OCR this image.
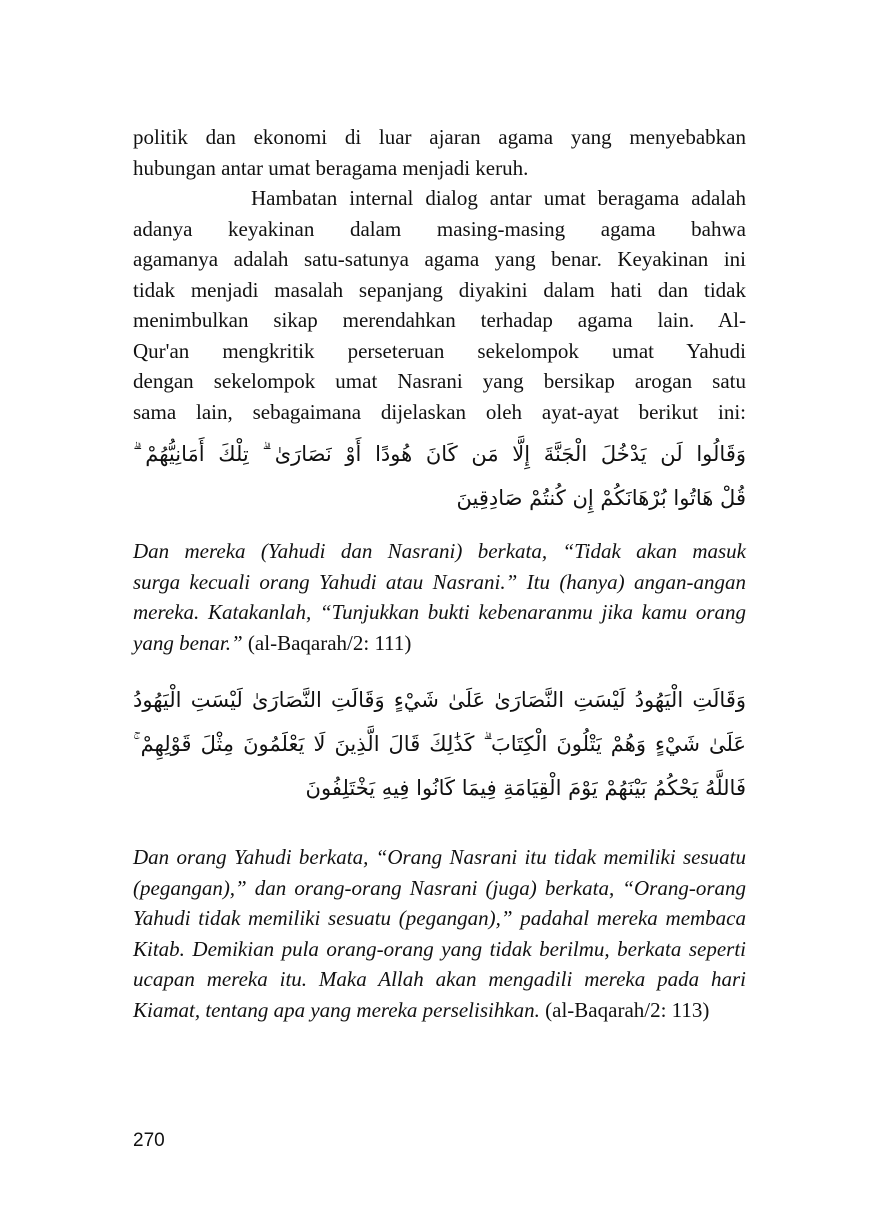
politik dan ekonomi di luar ajaran agama yang menyebabkan
hubungan antar umat beragama menjadi keruh.
Hambatan internal dialog antar umat beragama adalah
adanya keyakinan dalam masing-masing agama bahwa
agamanya adalah satu-satunya agama yang benar. Keyakinan ini
tidak menjadi masalah sepanjang diyakini dalam hati dan tidak
menimbulkan sikap merendahkan terhadap agama lain. Al-
Qur'an mengkritik perseteruan sekelompok umat Yahudi
dengan sekelompok umat Nasrani yang bersikap arogan satu
sama lain, sebagaimana dijelaskan oleh ayat-ayat berikut ini:
وَقَالُوا لَن يَدْخُلَ الْجَنَّةَ إِلَّا مَن كَانَ هُودًا أَوْ نَصَارَىٰ ۗ تِلْكَ أَمَانِيُّهُمْ ۗ
قُلْ هَاتُوا بُرْهَانَكُمْ إِن كُنتُمْ صَادِقِينَ
Dan mereka (Yahudi dan Nasrani) berkata, “Tidak akan masuk
surga kecuali orang Yahudi atau Nasrani.” Itu (hanya) angan-angan
mereka. Katakanlah, “Tunjukkan bukti kebenaranmu jika kamu orang
yang benar.” (al-Baqarah/2: 111)
وَقَالَتِ الْيَهُودُ لَيْسَتِ النَّصَارَىٰ عَلَىٰ شَيْءٍ وَقَالَتِ النَّصَارَىٰ لَيْسَتِ الْيَهُودُ
عَلَىٰ شَيْءٍ وَهُمْ يَتْلُونَ الْكِتَابَ ۗ كَذَٰلِكَ قَالَ الَّذِينَ لَا يَعْلَمُونَ مِثْلَ قَوْلِهِمْ ۚ
فَاللَّهُ يَحْكُمُ بَيْنَهُمْ يَوْمَ الْقِيَامَةِ فِيمَا كَانُوا فِيهِ يَخْتَلِفُونَ
Dan orang Yahudi berkata, “Orang Nasrani itu tidak memiliki sesuatu
(pegangan),” dan orang-orang Nasrani (juga) berkata, “Orang-orang
Yahudi tidak memiliki sesuatu (pegangan),” padahal mereka membaca
Kitab. Demikian pula orang-orang yang tidak berilmu, berkata seperti
ucapan mereka itu. Maka Allah akan mengadili mereka pada hari
Kiamat, tentang apa yang mereka perselisihkan. (al-Baqarah/2: 113)
270
